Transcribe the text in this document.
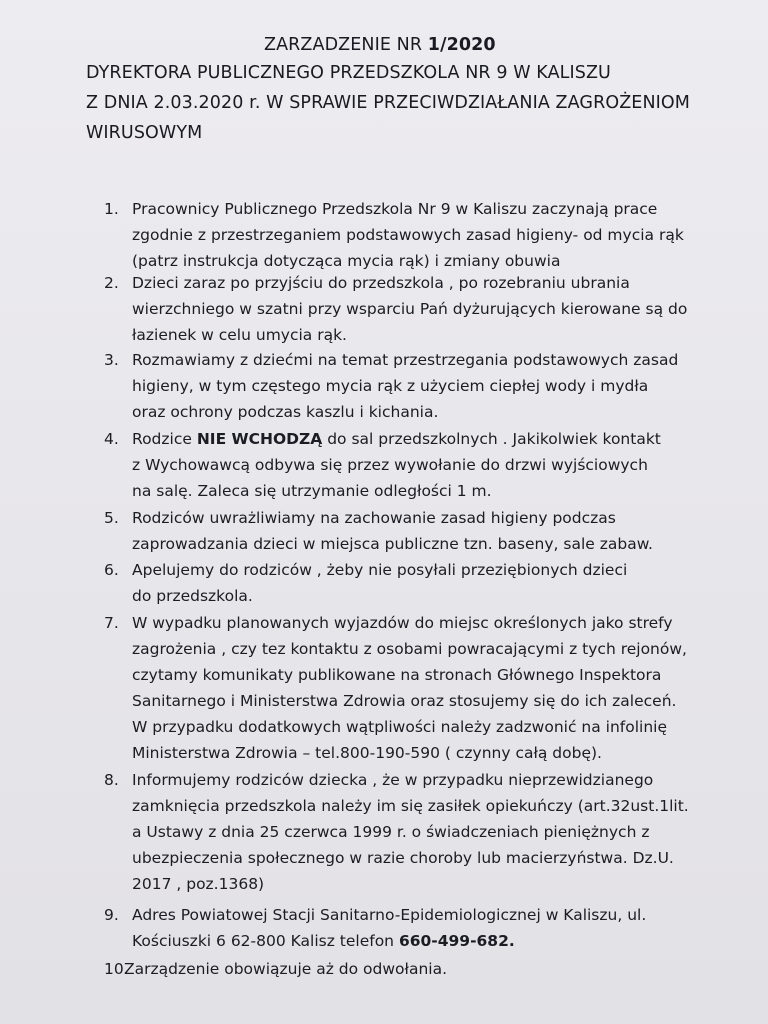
ZARZADZENIE NR 1/2020
DYREKTORA PUBLICZNEGO PRZEDSZKOLA NR 9 W KALISZU
Z DNIA 2.03.2020 r. W SPRAWIE PRZECIWDZIAŁANIA ZAGROŻENIOM
WIRUSOWYM
1. Pracownicy Publicznego Przedszkola Nr 9 w Kaliszu zaczynają prace
zgodnie z przestrzeganiem podstawowych zasad higieny- od mycia rąk
(patrz instrukcja dotycząca mycia rąk) i zmiany obuwia
2. Dzieci zaraz po przyjściu do przedszkola , po rozebraniu ubrania
wierzchniego w szatni przy wsparciu Pań dyżurujących kierowane są do
łazienek w celu umycia rąk.
3. Rozmawiamy z dziećmi na temat przestrzegania podstawowych zasad
higieny, w tym częstego mycia rąk z użyciem ciepłej wody i mydła
oraz ochrony podczas kaszlu i kichania.
4. Rodzice NIE WCHODZĄ do sal przedszkolnych . Jakikolwiek kontakt
z Wychowawcą odbywa się przez wywołanie do drzwi wyjściowych
na salę. Zaleca się utrzymanie odległości 1 m.
5. Rodziców uwrażliwiamy na zachowanie zasad higieny podczas
zaprowadzania dzieci w miejsca publiczne tzn. baseny, sale zabaw.
6. Apelujemy do rodziców , żeby nie posyłali przeziębionych dzieci
do przedszkola.
7. W wypadku planowanych wyjazdów do miejsc określonych jako strefy
zagrożenia , czy tez kontaktu z osobami powracającymi z tych rejonów,
czytamy komunikaty publikowane na stronach Głównego Inspektora
Sanitarnego i Ministerstwa Zdrowia oraz stosujemy się do ich zaleceń.
W przypadku dodatkowych wątpliwości należy zadzwonić na infolinię
Ministerstwa Zdrowia – tel.800-190-590 ( czynny całą dobę).
8. Informujemy rodziców dziecka , że w przypadku nieprzewidzianego
zamknięcia przedszkola należy im się zasiłek opiekuńczy (art.32ust.1lit.
a Ustawy z dnia 25 czerwca 1999 r. o świadczeniach pieniężnych z
ubezpieczenia społecznego w razie choroby lub macierzyństwa. Dz.U.
2017 , poz.1368)
9. Adres Powiatowej Stacji Sanitarno-Epidemiologicznej w Kaliszu, ul.
Kościuszki 6 62-800 Kalisz telefon 660-499-682.
10.
Zarządzenie obowiązuje aż do odwołania.
